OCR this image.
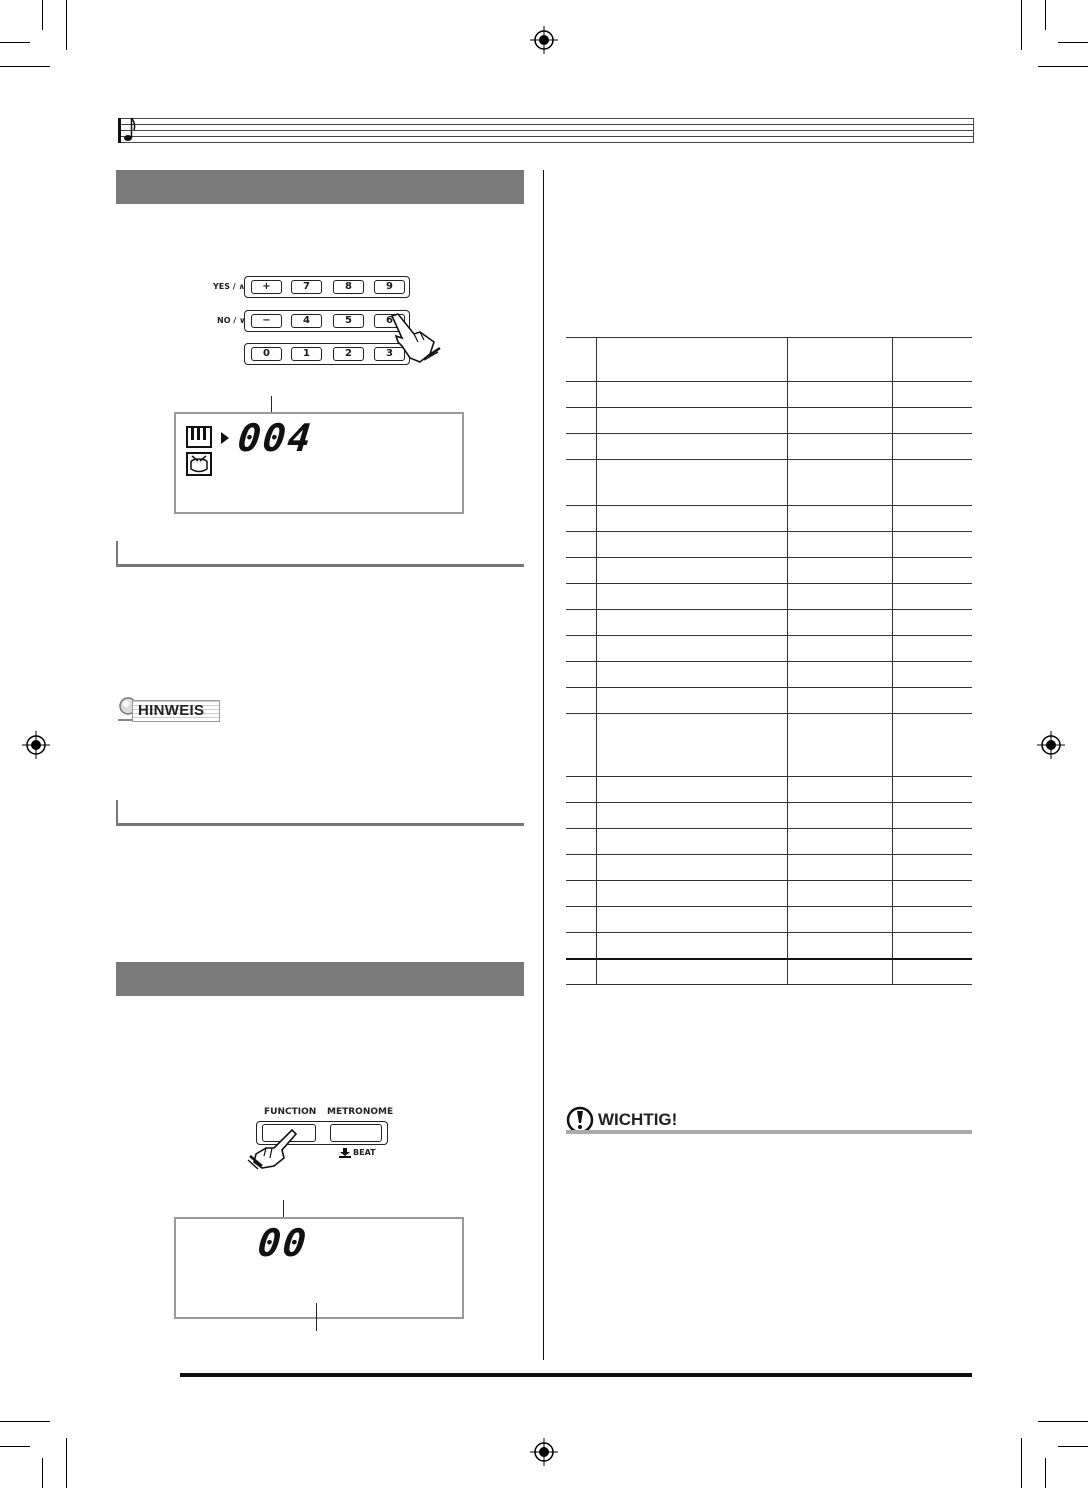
YES / ∧
NO / ∨
+	7	8	9
−	4	5	6
0	1	2	3
004
HINWEIS
FUNCTION METRONOME
BEAT
00
WICHTIG!
